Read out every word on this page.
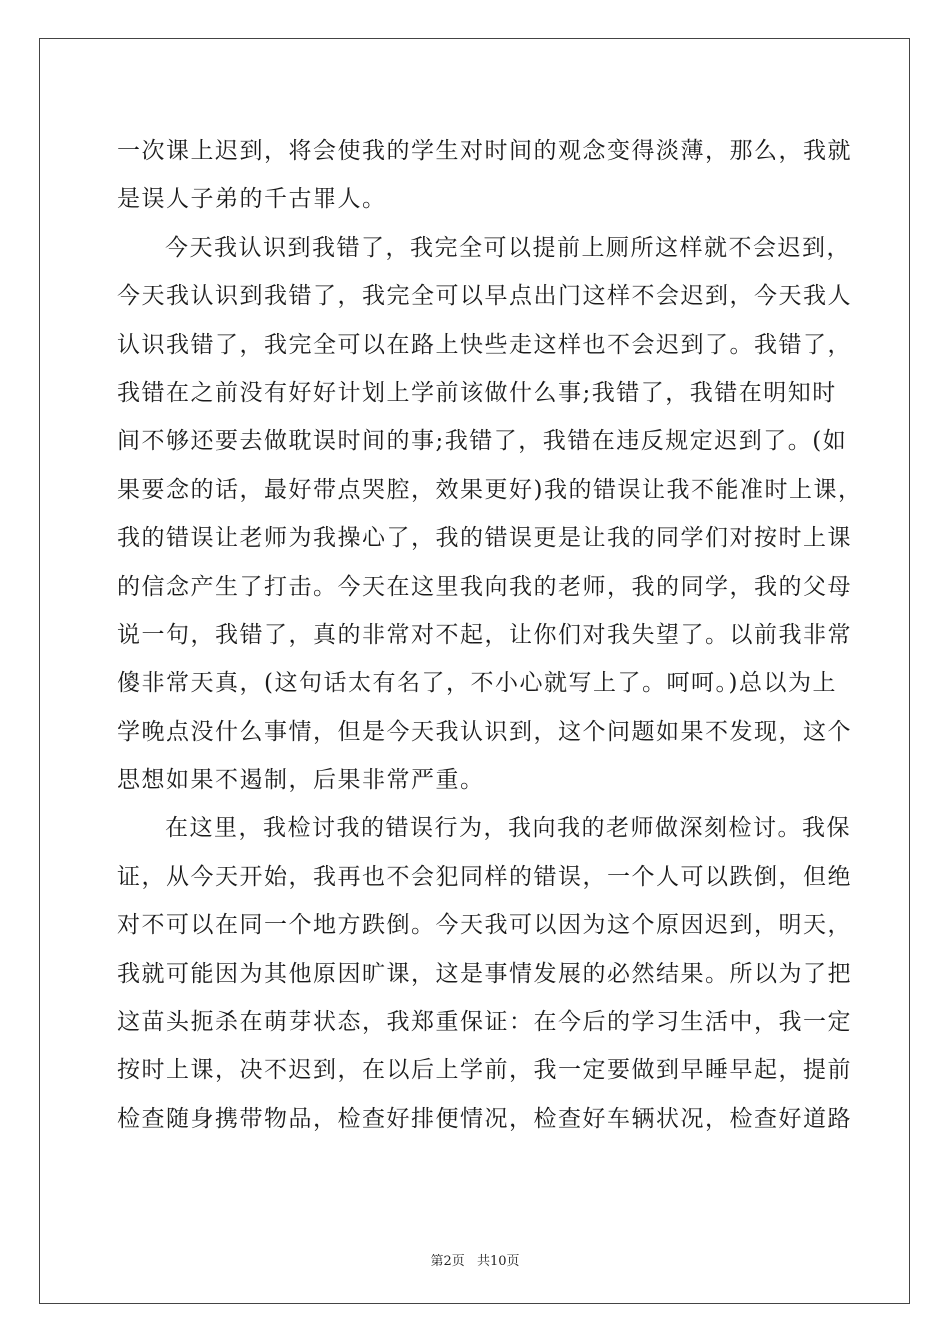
一次课上迟到，将会使我的学生对时间的观念变得淡薄，那么，我就
是误人子弟的千古罪人。
今天我认识到我错了，我完全可以提前上厕所这样就不会迟到，
今天我认识到我错了，我完全可以早点出门这样不会迟到，今天我人
认识我错了，我完全可以在路上快些走这样也不会迟到了。我错了，
我错在之前没有好好计划上学前该做什么事;我错了，我错在明知时
间不够还要去做耽误时间的事;我错了，我错在违反规定迟到了。(如
果要念的话，最好带点哭腔，效果更好)我的错误让我不能准时上课，
我的错误让老师为我操心了，我的错误更是让我的同学们对按时上课
的信念产生了打击。今天在这里我向我的老师，我的同学，我的父母
说一句，我错了，真的非常对不起，让你们对我失望了。以前我非常
傻非常天真，(这句话太有名了，不小心就写上了。呵呵。)总以为上
学晚点没什么事情，但是今天我认识到，这个问题如果不发现，这个
思想如果不遏制，后果非常严重。
在这里，我检讨我的错误行为，我向我的老师做深刻检讨。我保
证，从今天开始，我再也不会犯同样的错误，一个人可以跌倒，但绝
对不可以在同一个地方跌倒。今天我可以因为这个原因迟到，明天，
我就可能因为其他原因旷课，这是事情发展的必然结果。所以为了把
这苗头扼杀在萌芽状态，我郑重保证：在今后的学习生活中，我一定
按时上课，决不迟到，在以后上学前，我一定要做到早睡早起，提前
检查随身携带物品，检查好排便情况，检查好车辆状况，检查好道路
第2页 共10页
